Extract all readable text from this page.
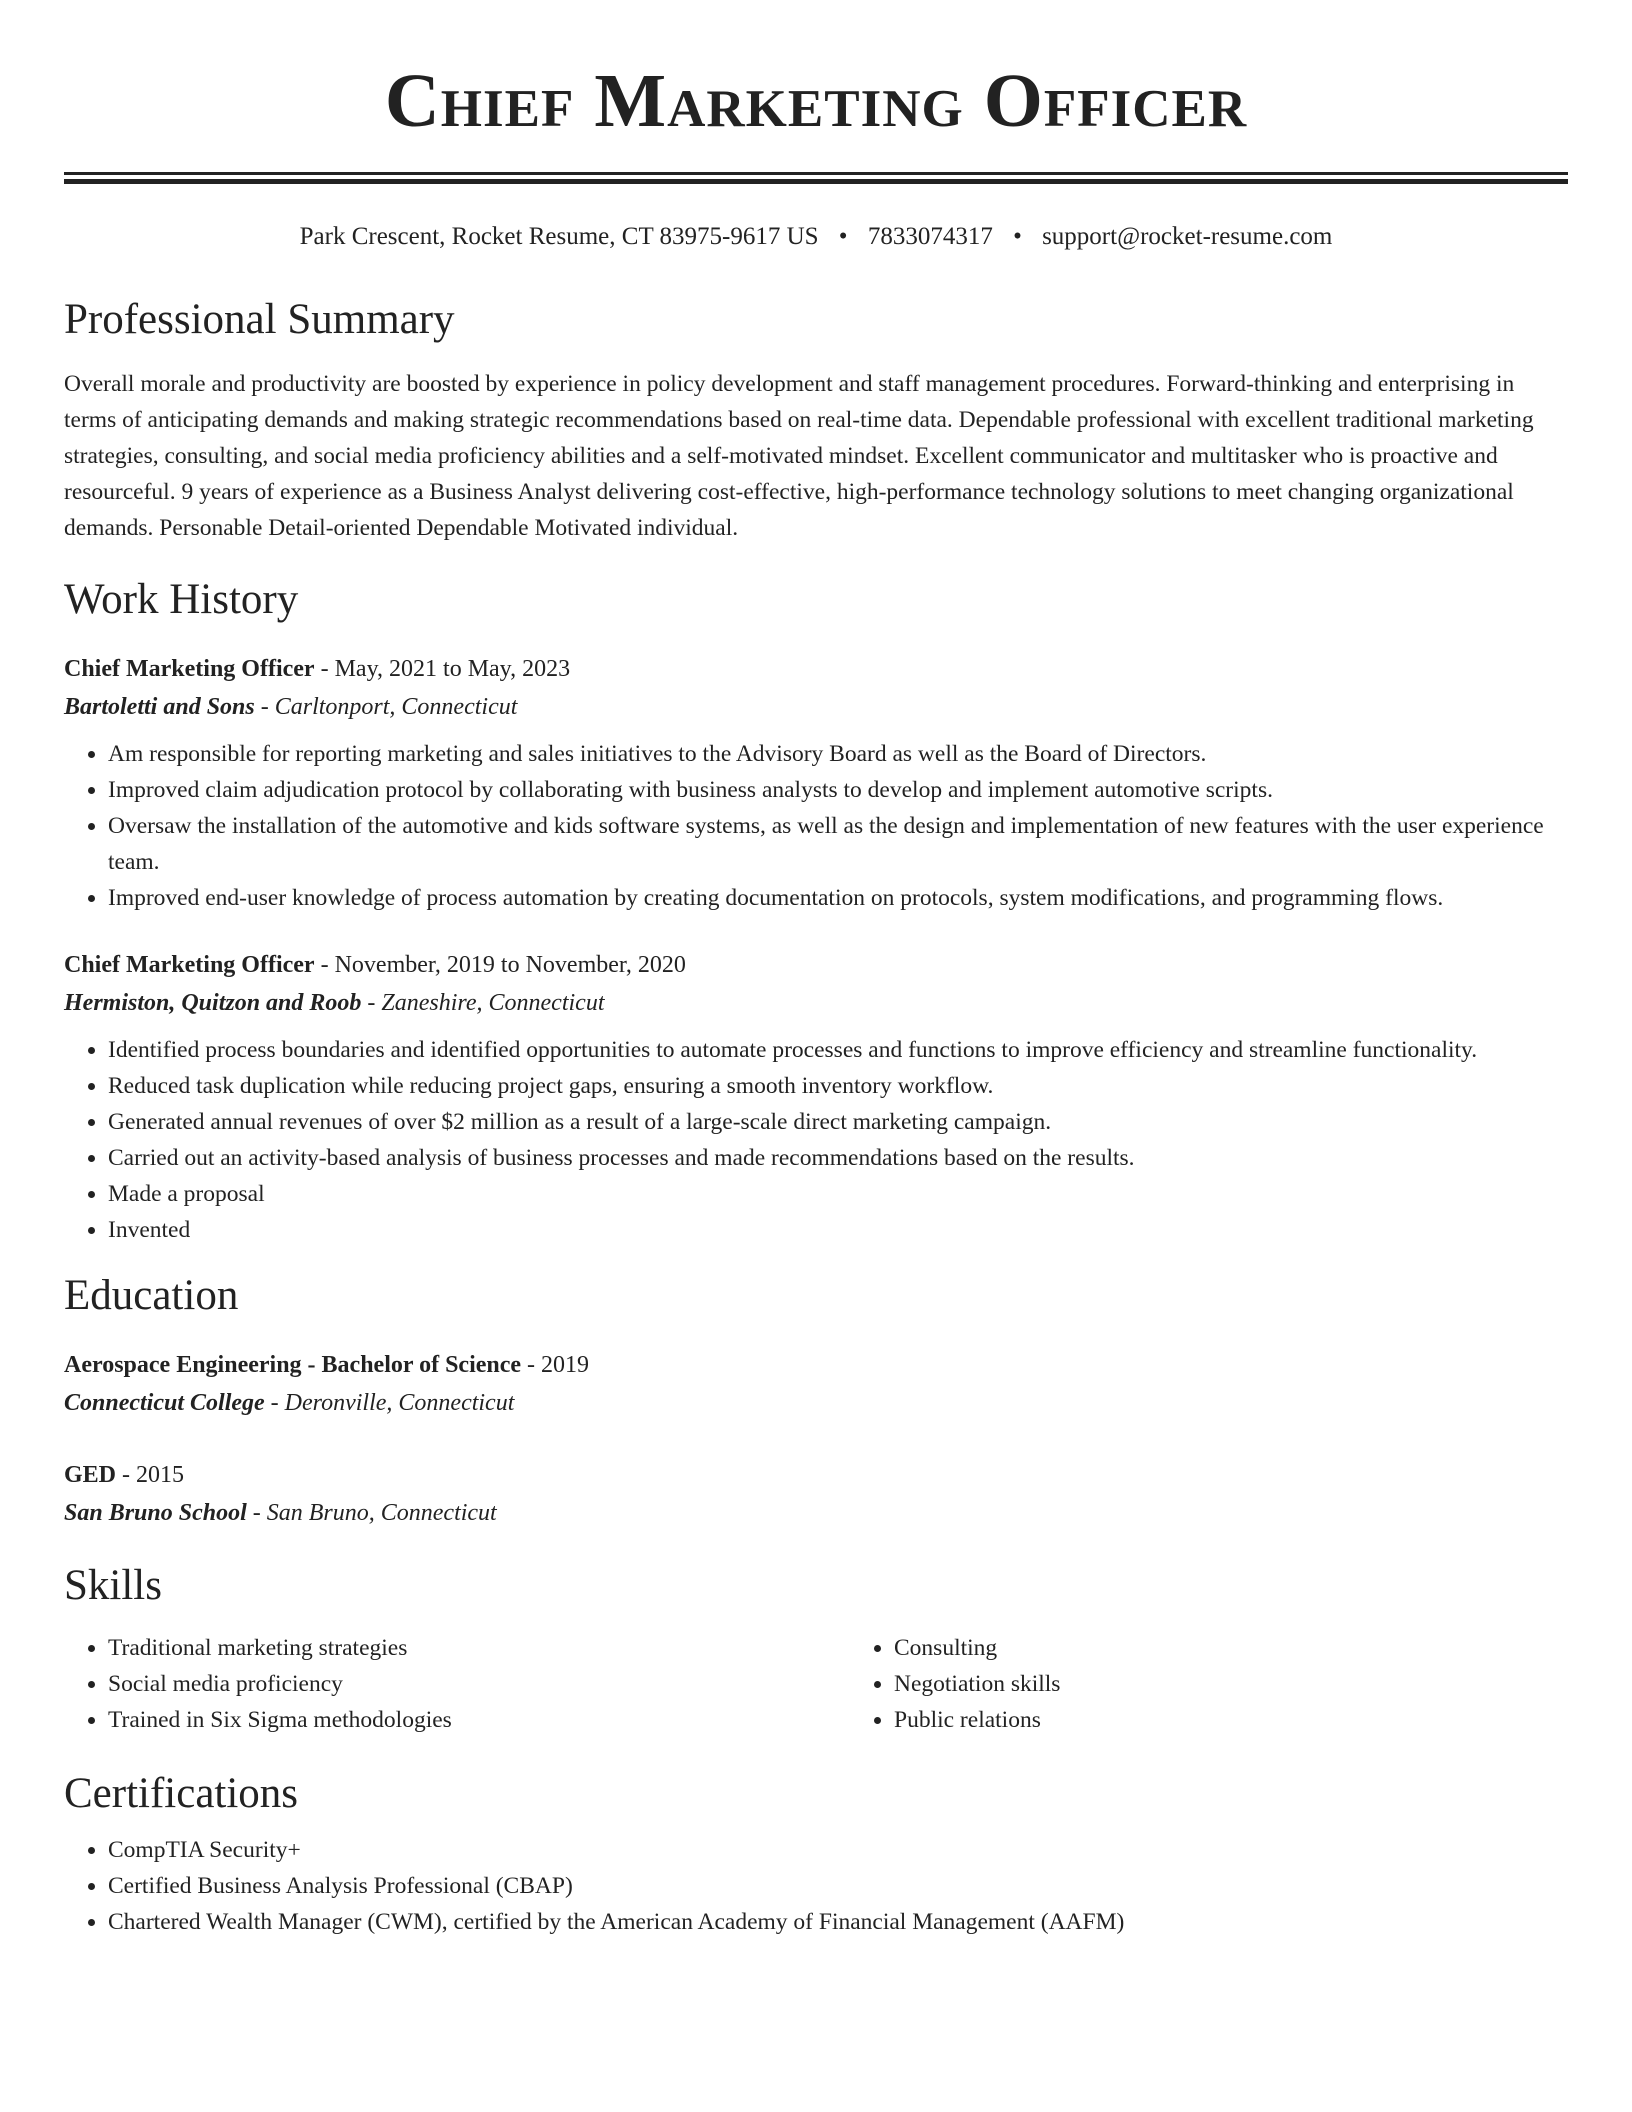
Chief Marketing Officer
Park Crescent, Rocket Resume, CT 83975-9617 US • 7833074317 • support@rocket-resume.com
Professional Summary

Overall morale and productivity are boosted by experience in policy development and staff management procedures. Forward-thinking and enterprising in terms of anticipating demands and making strategic recommendations based on real-time data. Dependable professional with excellent traditional marketing strategies, consulting, and social media proficiency abilities and a self-motivated mindset. Excellent communicator and multitasker who is proactive and resourceful. 9 years of experience as a Business Analyst delivering cost-effective, high-performance technology solutions to meet changing organizational demands. Personable Detail-oriented Dependable Motivated individual.

Work History
Chief Marketing Officer - May, 2021 to May, 2023
Bartoletti and Sons - Carltonport, Connecticut
• Am responsible for reporting marketing and sales initiatives to the Advisory Board as well as the Board of Directors.
• Improved claim adjudication protocol by collaborating with business analysts to develop and implement automotive scripts.
• Oversaw the installation of the automotive and kids software systems, as well as the design and implementation of new features with the user experience team.
• Improved end-user knowledge of process automation by creating documentation on protocols, system modifications, and programming flows.
Chief Marketing Officer - November, 2019 to November, 2020
Hermiston, Quitzon and Roob - Zaneshire, Connecticut
• Identified process boundaries and identified opportunities to automate processes and functions to improve efficiency and streamline functionality.
• Reduced task duplication while reducing project gaps, ensuring a smooth inventory workflow.
• Generated annual revenues of over $2 million as a result of a large-scale direct marketing campaign.
• Carried out an activity-based analysis of business processes and made recommendations based on the results.
• Made a proposal
• Invented
Education
Aerospace Engineering - Bachelor of Science - 2019
Connecticut College - Deronville, Connecticut
GED - 2015
San Bruno School - San Bruno, Connecticut
Skills
• Traditional marketing strategies
• Social media proficiency
• Trained in Six Sigma methodologies
• Consulting
• Negotiation skills
• Public relations
Certifications
• CompTIA Security+
• Certified Business Analysis Professional (CBAP)
• Chartered Wealth Manager (CWM), certified by the American Academy of Financial Management (AAFM)
